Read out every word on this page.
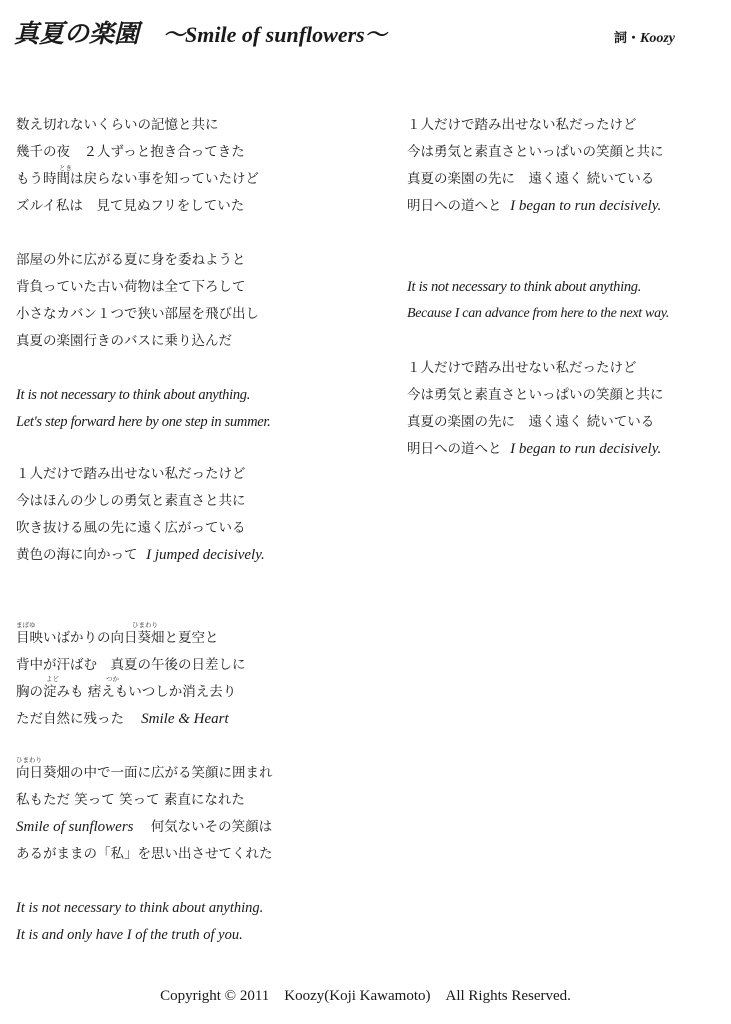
真夏の楽園 ～Smile of sunflowers～	詞・Koozy
数え切れないくらいの記憶と共に
幾千の夜　２人ずっと抱き合ってきた
とき
もう時間は戻らない事を知っていたけど
ズルイ私は　見て見ぬフリをしていた
部屋の外に広がる夏に身を委ねようと
背負っていた古い荷物は全て下ろして
小さなカバン１つで狭い部屋を飛び出し
真夏の楽園行きのバスに乗り込んだ
It is not necessary to think about anything.
Let's step forward here by one step in summer.
１人だけで踏み出せない私だったけど
今はほんの少しの勇気と素直さと共に
吹き抜ける風の先に遠く広がっている
黄色の海に向かって I jumped decisively.
まばゆ	ひまわり
目映いばかりの向日葵畑と夏空と
背中が汗ばむ　真夏の午後の日差しに
よど	つか
胸の淀みも 痞えもいつしか消え去り
ただ自然に残った Smile & Heart
ひまわり
向日葵畑の中で一面に広がる笑顔に囲まれ
私もただ 笑って 笑って 素直になれた
Smile of sunflowers 何気ないその笑顔は
あるがままの「私」を思い出させてくれた
It is not necessary to think about anything.
It is and only have I of the truth of you.
１人だけで踏み出せない私だったけど
今は勇気と素直さといっぱいの笑顔と共に
真夏の楽園の先に　遠く遠く 続いている
明日への道へと I began to run decisively.
It is not necessary to think about anything.
Because I can advance from here to the next way.
１人だけで踏み出せない私だったけど
今は勇気と素直さといっぱいの笑顔と共に
真夏の楽園の先に　遠く遠く 続いている
明日への道へと I began to run decisively.
Copyright © 2011　Koozy(Koji Kawamoto)　All Rights Reserved.
